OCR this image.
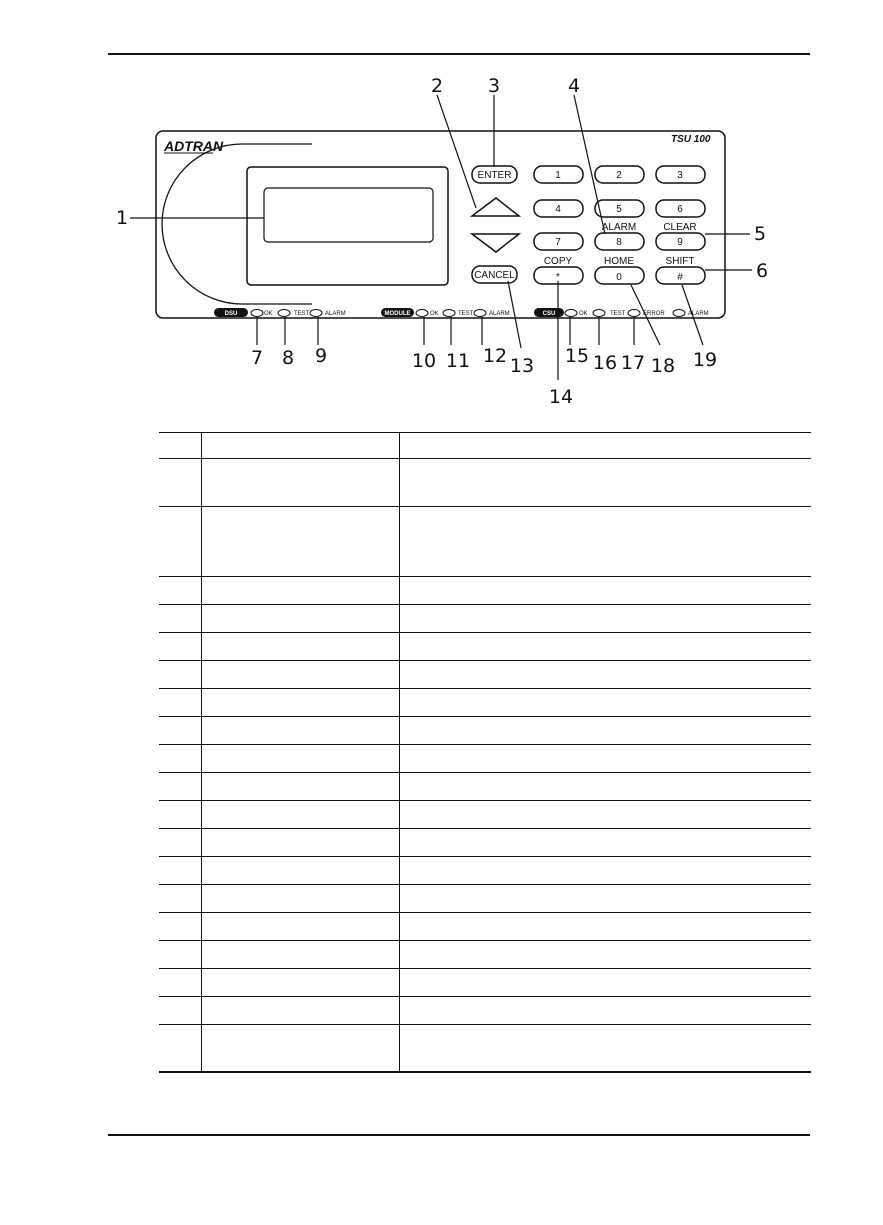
ADTRAN	TSU 100
ENTER
CANCEL
1	2	3
4	5	6
7
ALARM
8
CLEAR
9
COPY
*
HOME
0
SHIFT
#
DSU	OK	TEST	ALARM	MODULE	OK	TEST	ALARM	CSU	OK	TEST	ERROR	ALARM
1
2 3	4
5
6
7 8 9	10 11 12 13
14
15 16 17 18 19
